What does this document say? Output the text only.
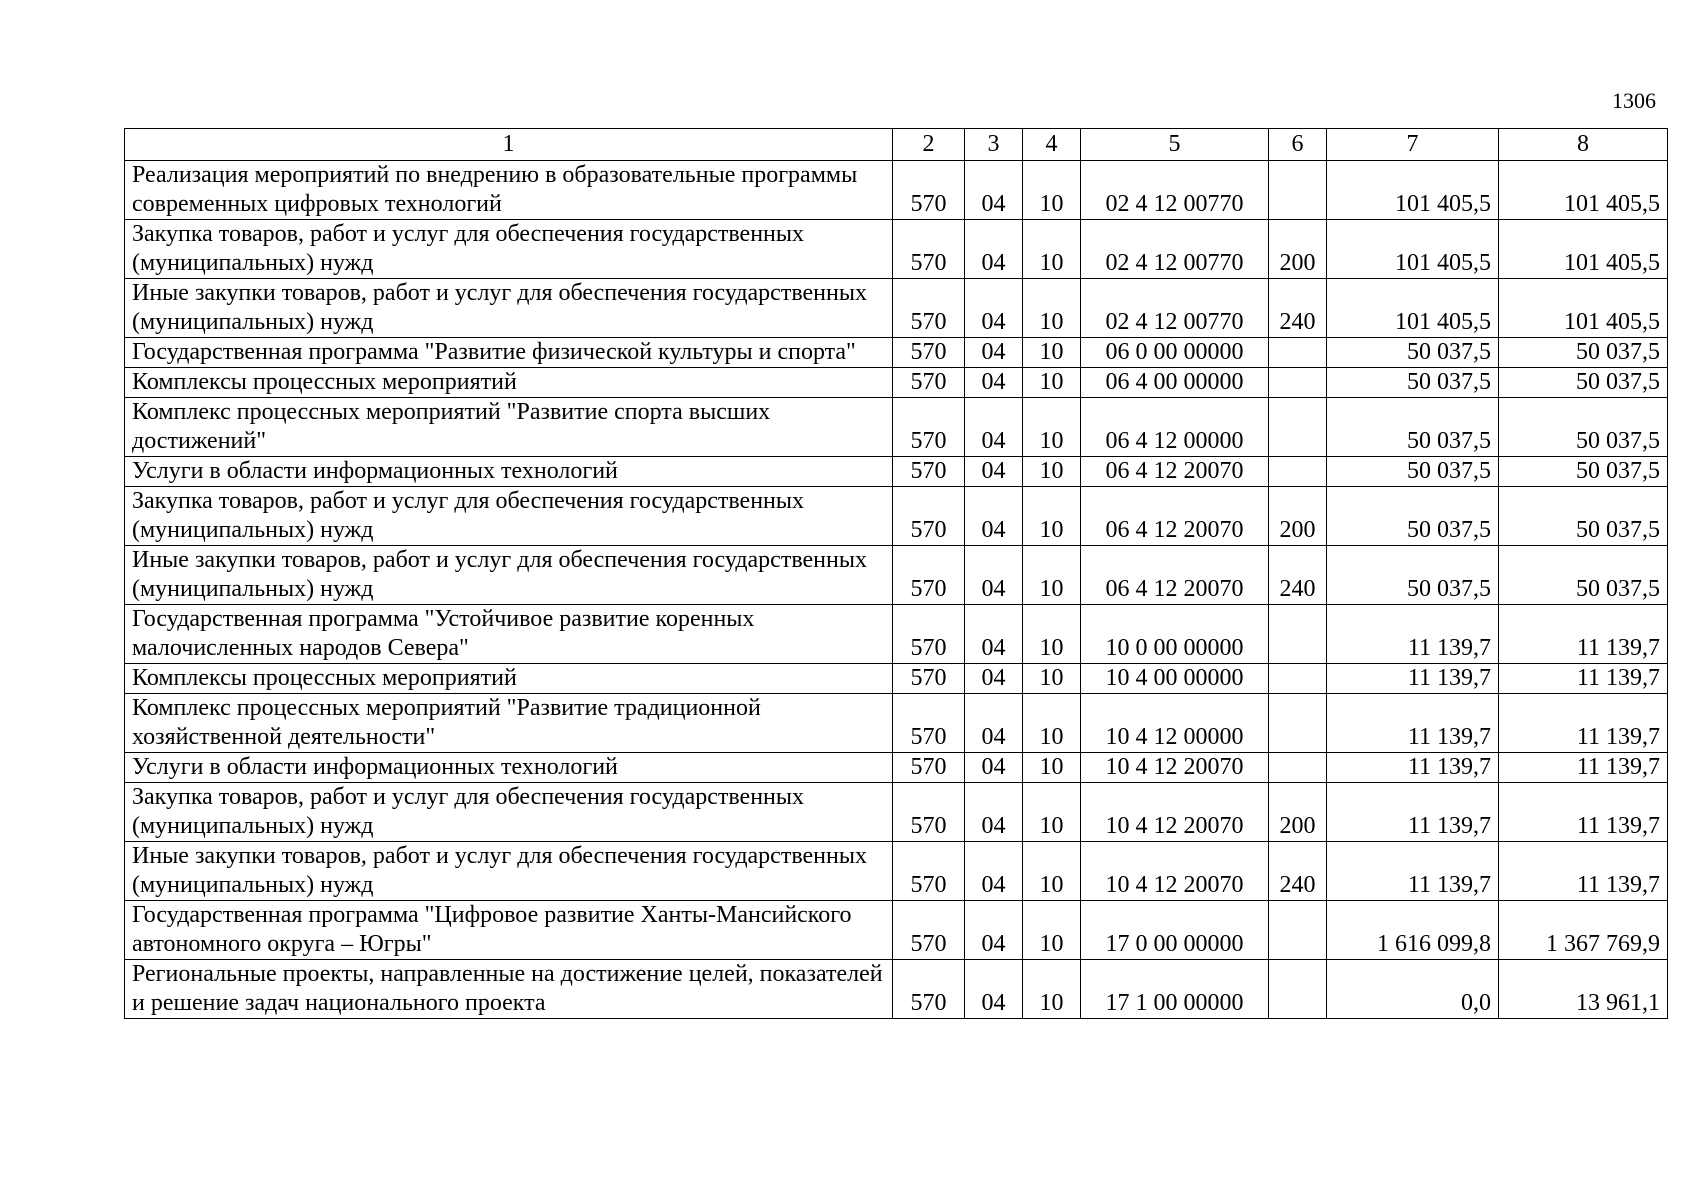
1306
1	2	3	4	5	6	7	8
Реализация мероприятий по внедрению в образовательные программы современных цифровых технологий	570	04	10	02 4 12 00770		101 405,5	101 405,5
Закупка товаров, работ и услуг для обеспечения государственных (муниципальных) нужд	570	04	10	02 4 12 00770	200	101 405,5	101 405,5
Иные закупки товаров, работ и услуг для обеспечения государственных (муниципальных) нужд	570	04	10	02 4 12 00770	240	101 405,5	101 405,5
Государственная программа "Развитие физической культуры и спорта"	570	04	10	06 0 00 00000		50 037,5	50 037,5
Комплексы процессных мероприятий	570	04	10	06 4 00 00000		50 037,5	50 037,5
Комплекс процессных мероприятий "Развитие спорта высших достижений"	570	04	10	06 4 12 00000		50 037,5	50 037,5
Услуги в области информационных технологий	570	04	10	06 4 12 20070		50 037,5	50 037,5
Закупка товаров, работ и услуг для обеспечения государственных (муниципальных) нужд	570	04	10	06 4 12 20070	200	50 037,5	50 037,5
Иные закупки товаров, работ и услуг для обеспечения государственных (муниципальных) нужд	570	04	10	06 4 12 20070	240	50 037,5	50 037,5
Государственная программа "Устойчивое развитие коренных малочисленных народов Севера"	570	04	10	10 0 00 00000		11 139,7	11 139,7
Комплексы процессных мероприятий	570	04	10	10 4 00 00000		11 139,7	11 139,7
Комплекс процессных мероприятий "Развитие традиционной хозяйственной деятельности"	570	04	10	10 4 12 00000		11 139,7	11 139,7
Услуги в области информационных технологий	570	04	10	10 4 12 20070		11 139,7	11 139,7
Закупка товаров, работ и услуг для обеспечения государственных (муниципальных) нужд	570	04	10	10 4 12 20070	200	11 139,7	11 139,7
Иные закупки товаров, работ и услуг для обеспечения государственных (муниципальных) нужд	570	04	10	10 4 12 20070	240	11 139,7	11 139,7
Государственная программа "Цифровое развитие Ханты-Мансийского автономного округа – Югры"	570	04	10	17 0 00 00000		1 616 099,8	1 367 769,9
Региональные проекты, направленные на достижение целей, показателей и решение задач национального проекта	570	04	10	17 1 00 00000		0,0	13 961,1
